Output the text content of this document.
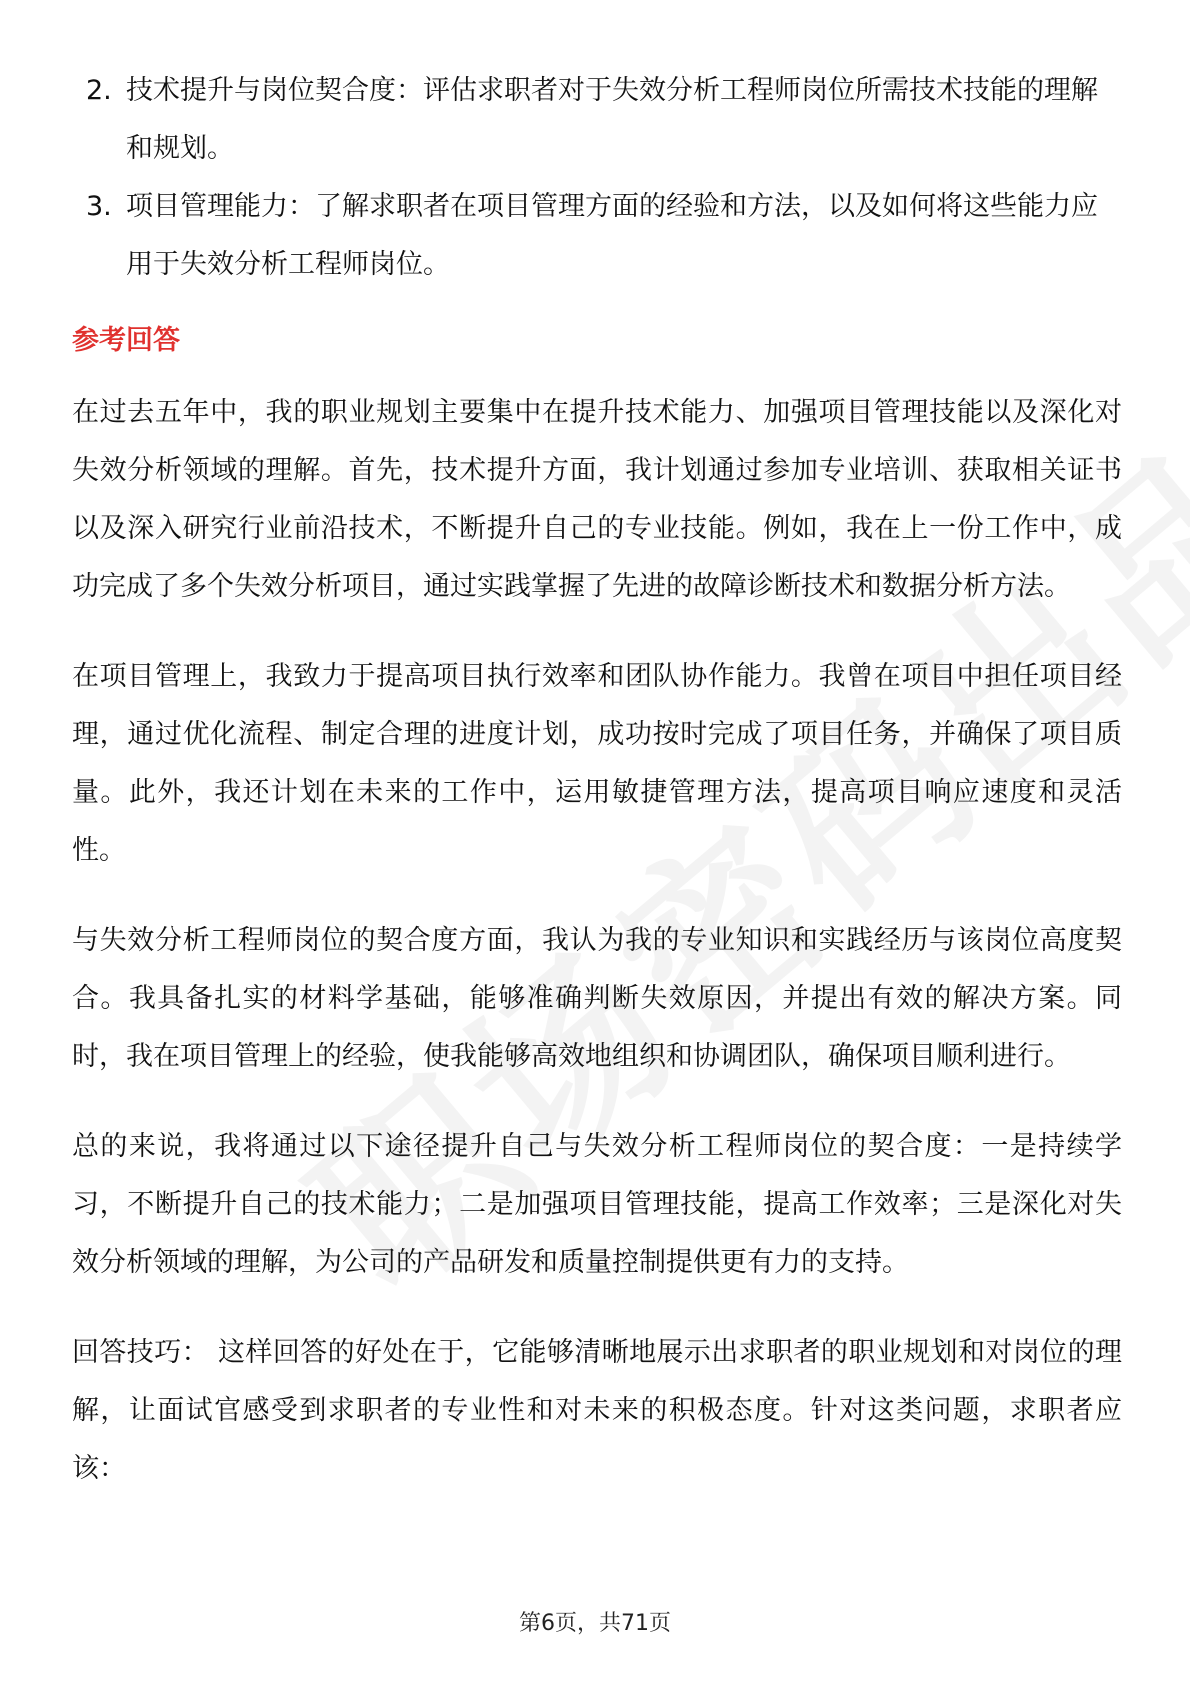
2. 技术提升与岗位契合度：评估求职者对于失效分析工程师岗位所需技术技能的理解和规划。
3. 项目管理能力：了解求职者在项目管理方面的经验和方法，以及如何将这些能力应用于失效分析工程师岗位。
参考回答

在过去五年中，我的职业规划主要集中在提升技术能力、加强项目管理技能以及深化对失效分析领域的理解。首先，技术提升方面，我计划通过参加专业培训、获取相关证书以及深入研究行业前沿技术，不断提升自己的专业技能。例如，我在上一份工作中，成功完成了多个失效分析项目，通过实践掌握了先进的故障诊断技术和数据分析方法。

在项目管理上，我致力于提高项目执行效率和团队协作能力。我曾在项目中担任项目经理，通过优化流程、制定合理的进度计划，成功按时完成了项目任务，并确保了项目质量。此外，我还计划在未来的工作中，运用敏捷管理方法，提高项目响应速度和灵活性。

与失效分析工程师岗位的契合度方面，我认为我的专业知识和实践经历与该岗位高度契合。我具备扎实的材料学基础，能够准确判断失效原因，并提出有效的解决方案。同时，我在项目管理上的经验，使我能够高效地组织和协调团队，确保项目顺利进行。

总的来说，我将通过以下途径提升自己与失效分析工程师岗位的契合度：一是持续学习，不断提升自己的技术能力；二是加强项目管理技能，提高工作效率；三是深化对失效分析领域的理解，为公司的产品研发和质量控制提供更有力的支持。

回答技巧： 这样回答的好处在于，它能够清晰地展示出求职者的职业规划和对岗位的理解，让面试官感受到求职者的专业性和对未来的积极态度。针对这类问题，求职者应该：

第6页，共71页
